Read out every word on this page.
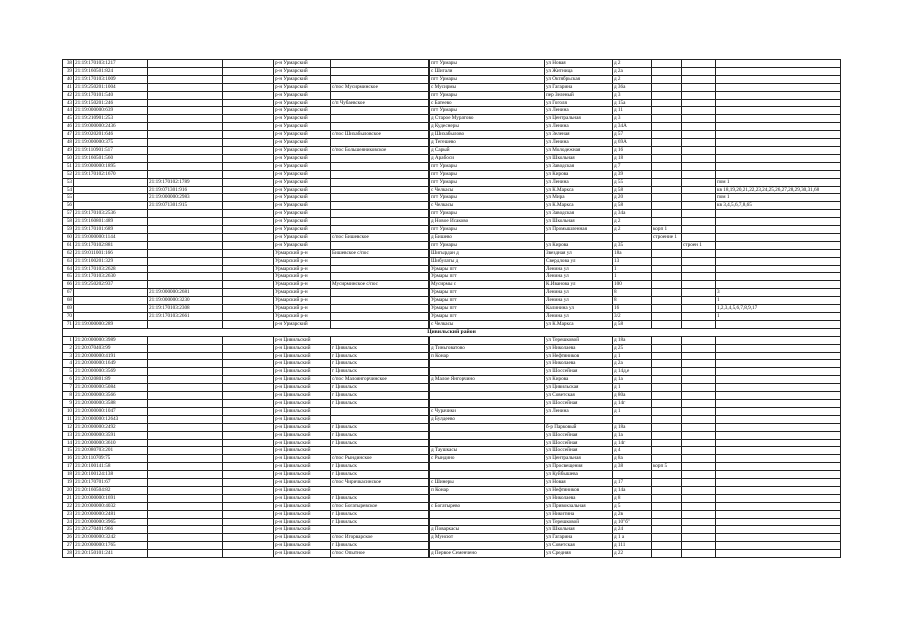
38	21:19:170103:1217			р-н Урмарский			пгт Урмары	ул Новая	д 2			
39	21:19:160501:824			р-н Урмарский			с Шигали	ул Житница	д 2а			
40	21:19:170103:1009			р-н Урмарский			пгт Урмары	ул Октябрьская	д 2			
41	21:19:250201:1004			р-н Урмарский	с/пос Мусирминское		с Мусирмы	ул Гагарина	д 36а			
42	21:19:170101:540			р-н Урмарский			пгт Урмары	пер Зеленый	д 3			
43	21:19:150201:246			р-н Урмарский	с/п Чубаевское		с Батеево	ул Гоголя	д 15а			
44	21:19:000000:639			р-н Урмарский			пгт Урмары	ул Ленина	д 11			
45	21:19:210901:253			р-н Урмарский			д Старое Муратово	ул Центральная	д 3			
46	21:19:000000:2436			р-н Урмарский			д Кудеснеры	ул Ленина	д 34А			
47	21:19:020201:646			р-н Урмарский	с/пос Шихабыловское		д Шихабылово	ул Зеленая	д 57			
48	21:19:000000:375			р-н Урмарский			д Тегешево	ул Ленина	д 69А			
49	21:19:110901:517			р-н Урмарский	с/пос Большеяниковское		д Сарый	ул Молодежная	д 16			
50	21:19:160501:560			р-н Урмарский			д Арабоси	ул Школьная	д 18			
51	21:19:000000:1895			р-н Урмарский			пгт Урмары	ул Заводская	д 7			
52	21:19:170102:1670			р-н Урмарский			пгт Урмары	ул Кирова	д 39			
53		21:19:170102:1789		р-н Урмарский			пгт Урмары	ул Ленина	д 55			пом 1
54		21:19:071301:916		р-н Урмарский			с Челкасы	ул К.Маркса	д 58			кв 18,19,20,21,22,23,24,25,26,27,28,29,30,31,68
55		21:19:000000:2983		р-н Урмарский			пгт Урмары	ул Мира	д 20			пом 1
56		21:19:071301:915		р-н Урмарский			с Челкасы	ул К.Маркса	д 58			кв 3,4,5,6,7,8,65
57	21:19:170103:2536			р-н Урмарский			пгт Урмары	ул Заводская	д 34а			
58	21:19:160801:489			р-н Урмарский			д Новое Исаково	ул Школьная	д 2			
59	21:19:170101:689			р-н Урмарский			пгт Урмары	ул Промышленная	д 2	корп 1		
60	21:19:000000:1144			р-н Урмарский	с/пос Бишевское		д Бишево			строение 1		
61	21:19:170102:881			р-н Урмарский			пгт Урмары	ул Кирова	д 35		строен 1	
62	21:19:011001:166			Урмарский р-н	Бишевское с/пос		Шигырдан д	Звездная ул	18а			
63	21:19:100201:329			Урмарский р-н			Шибулаты д	Свердлова ул	13			
64	21:19:170103:2628			Урмарский р-н			Урмары пгт	Ленина ул	1			
65	21:19:170103:2630			Урмарский р-н			Урмары пгт	Ленина ул	1			
66	21:19:250202:937			Урмарский р-н	Мусирминское с/пос		Мусирмы с	К.Иванова ул	100			
67		21:19:000000:2681		Урмарский р-н			Урмары пгт	Ленина ул	8			3
68		21:19:000000:3230		Урмарский р-н			Урмары пгт	Ленина ул	8			1
69		21:19:170103:2308		Урмарский р-н			Урмары пгт	Калинина ул	16			1,2,3,4,5,6,7,8,9,17
70		21:19:170103:2661		Урмарский р-н			Урмары пгт	Ленина ул	3/2			1
71	21:19:000000:289			р-н Урмарский			с Челкасы	ул К.Маркса	д 58			
Цивильский район											
1	21:20:000000:3989			р-н Цивильский				ул Терешковой	д 18а			
2	21:20:070403:99			р-н Цивильский	г Цивильск		д Тиньговатово	ул Николаева	д 25			
3	21:20:000000:4191			р-н Цивильский	г Цивильск		п Конар	ул Нефтяников	д 1			
4	21:20:000000:1649			р-н Цивильский	г Цивильск			ул Николаева	д 2а			
5	21:20:000000:3569			р-н Цивильский	г Цивильск			ул Шоссейная	д 14д,е			
6	21:20:020801:89			р-н Цивильский	с/пос Малоянгорчинское		д Малое Янгорчино	ул Кирова	д 1а			
7	21:20:000000:5084			р-н Цивильский	г Цивильск			ул Цивильская	д 1			
8	21:20:000000:3566			р-н Цивильский	г Цивильск			ул Советская	д 80а			
9	21:20:000000:3588			р-н Цивильский	г Цивильск			ул Шоссейная	д 14г			
10	21:20:000000:1047			р-н Цивильский			с Чурачики	ул Ленина	д 1			
11	21:20:000000:12643			р-н Цивильский			д Булдеево					
12	21:20:000000:2492			р-н Цивильский	г Цивильск			б-р Парковый	д 18а			
13	21:20:000000:3591			р-н Цивильский	г Цивильск			ул Шоссейная	д 1а			
14	21:20:000000:3610			р-н Цивильский	г Цивильск			ул Шоссейная	д 14г			
15	21:20:080703:201			р-н Цивильский			д Таушкасы	ул Шоссейная	д 4			
16	21:20:110709:75			р-н Цивильский	с/пос Рындинское		с Рындино	ул Центральная	д 8а			
17	21:20:100141:58			р-н Цивильский	г Цивильск			ул Просвещения	д 38	корп 5		
18	21:20:100124:138			р-н Цивильский	г Цивильск			ул Куйбышева				
19	21:20:170701:67			р-н Цивильский	с/пос Чиричкасинское		с Шинеры	ул Новая	д 17			
20	21:20:160504:82			р-н Цивильский			п Конар	ул Нефтяников	д 14а			
21	21:20:000000:1691			р-н Цивильский	г Цивильск			ул Николаева	д 8			
22	21:20:000000:4032			р-н Цивильский	с/пос Богатыревское		с Богатырево	ул Привокзальная	д 5			
23	21:20:000000:2481			р-н Цивильский	г Цивильск			ул Никитина	д 2в			
24	21:20:000000:3965			р-н Цивильский	г Цивильск			ул Терешковой	д 10"б"			
25	21:20:270401:966			р-н Цивильский			д Поваркасы	ул Школьная	д 24			
26	21:20:000000:3242			р-н Цивильский	с/пос Игорварское		д Мунсют	ул Гагарина	д 1 а			
27	21:20:000000:1765			р-н Цивильский	г Цивильск			ул Советская	д 111			
28	21:20:150101:241			р-н Цивильский	с/пос Опытное		д Первое Семенчено	ул Средняя	д 22			
